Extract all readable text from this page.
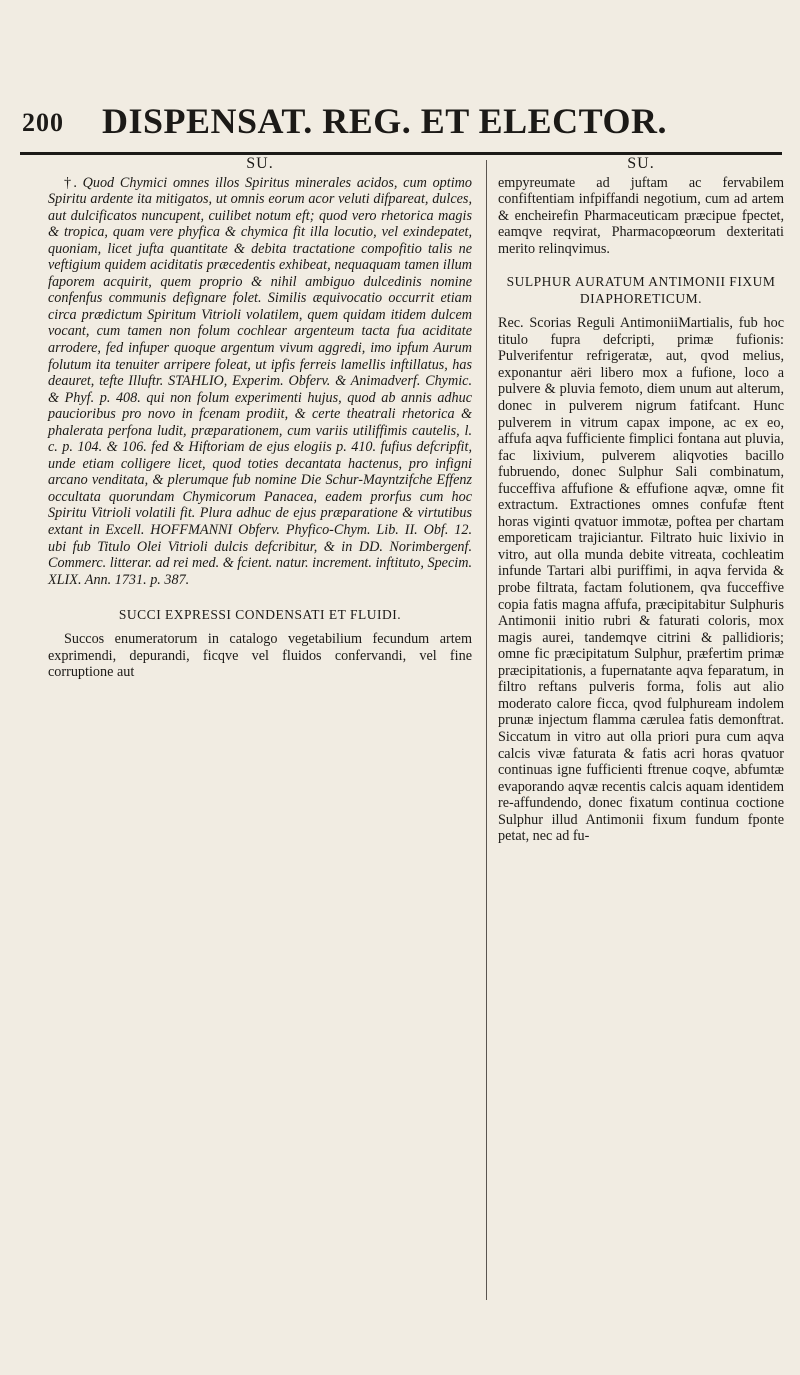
200 DISPENSAT. REG. ET ELECTOR.
SU.

†. Quod Chymici omnes illos Spiritus minerales acidos, cum optimo Spiritu ardente ita mitigatos, ut omnis eorum acor veluti difpareat, dulces, aut dulcificatos nuncupent, cuilibet notum eft; quod vero rhetorica magis & tropica, quam vere phyfica & chymica fit illa locutio, vel exindepatet, quoniam, licet jufta quantitate & debita tractatione compofitio talis ne veftigium quidem aciditatis præcedentis exhibeat, nequaquam tamen illum faporem acquirit, quem proprio & nihil ambiguo dulcedinis nomine confenfus communis defignare folet. Similis æquivocatio occurrit etiam circa prædictum Spiritum Vitrioli volatilem, quem quidam itidem dulcem vocant, cum tamen non folum cochlear argenteum tacta fua aciditate arrodere, fed infuper quoque argentum vivum aggredi, imo ipfum Aurum folutum ita tenuiter arripere foleat, ut ipfis ferreis lamellis inftillatus, has deauret, tefte Illuftr. STAHLIO, Experim. Obferv. & Animadverf. Chymic. & Phyf. p. 408. qui non folum experimenti hujus, quod ab annis adhuc paucioribus pro novo in fcenam prodiit, & certe theatrali rhetorica & phalerata perfona ludit, præparationem, cum variis utiliffimis cautelis, l. c. p. 104. & 106. fed & Hiftoriam de ejus elogiis p. 410. fufius defcripfit, unde etiam colligere licet, quod toties decantata hactenus, pro infigni arcano venditata, & plerumque fub nomine Die Schur-Mayntzifche Effenz occultata quorundam Chymicorum Panacea, eadem prorfus cum hoc Spiritu Vitrioli volatili fit. Plura adhuc de ejus præparatione & virtutibus extant in Excell. HOFFMANNI Obferv. Phyfico-Chym. Lib. II. Obf. 12. ubi fub Titulo Olei Vitrioli dulcis defcribitur, & in DD. Norimbergenf. Commerc. litterar. ad rei med. & fcient. natur. increment. inftituto, Specim. XLIX. Ann. 1731. p. 387.

SUCCI EXPRESSI CONDENSATI ET FLUIDI.

Succos enumeratorum in catalogo vegetabilium fecundum artem exprimendi, depurandi, ficqve vel fluidos confervandi, vel fine corruptione aut

SU.

empyreumate ad juftam ac fervabilem confiftentiam infpiffandi negotium, cum ad artem & encheirefin Pharmaceuticam præcipue fpectet, eamqve reqvirat, Pharmacopœorum dexteritati merito relinqvimus.

SULPHUR AURATUM ANTIMONII FIXUM DIAPHORETICUM.

Rec. Scorias Reguli AntimoniiMartialis, fub hoc titulo fupra defcripti, primæ fufionis: Pulverifentur refrigeratæ, aut, qvod melius, exponantur aëri libero mox a fufione, loco a pulvere & pluvia femoto, diem unum aut alterum, donec in pulverem nigrum fatifcant. Hunc pulverem in vitrum capax impone, ac ex eo, affufa aqva fufficiente fimplici fontana aut pluvia, fac lixivium, pulverem aliqvoties bacillo fubruendo, donec Sulphur Sali combinatum, fucceffiva affufione & effufione aqvæ, omne fit extractum. Extractiones omnes confufæ ftent horas viginti qvatuor immotæ, poftea per chartam emporeticam trajiciantur. Filtrato huic lixivio in vitro, aut olla munda debite vitreata, cochleatim infunde Tartari albi puriffimi, in aqva fervida & probe filtrata, factam folutionem, qva fucceffive copia fatis magna affufa, præcipitabitur Sulphuris Antimonii initio rubri & faturati coloris, mox magis aurei, tandemqve citrini & pallidioris; omne fic præcipitatum Sulphur, præfertim primæ præcipitationis, a fupernatante aqva feparatum, in filtro reftans pulveris forma, folis aut alio moderato calore ficca, qvod fulphuream indolem prunæ injectum flamma cærulea fatis demonftrat. Siccatum in vitro aut olla priori pura cum aqva calcis vivæ faturata & fatis acri horas qvatuor continuas igne fufficienti ftrenue coqve, abfumtæ evaporando aqvæ recentis calcis aquam identidem re-affundendo, donec fixatum continua coctione Sulphur illud Antimonii fixum fundum fponte petat, nec ad fu-
